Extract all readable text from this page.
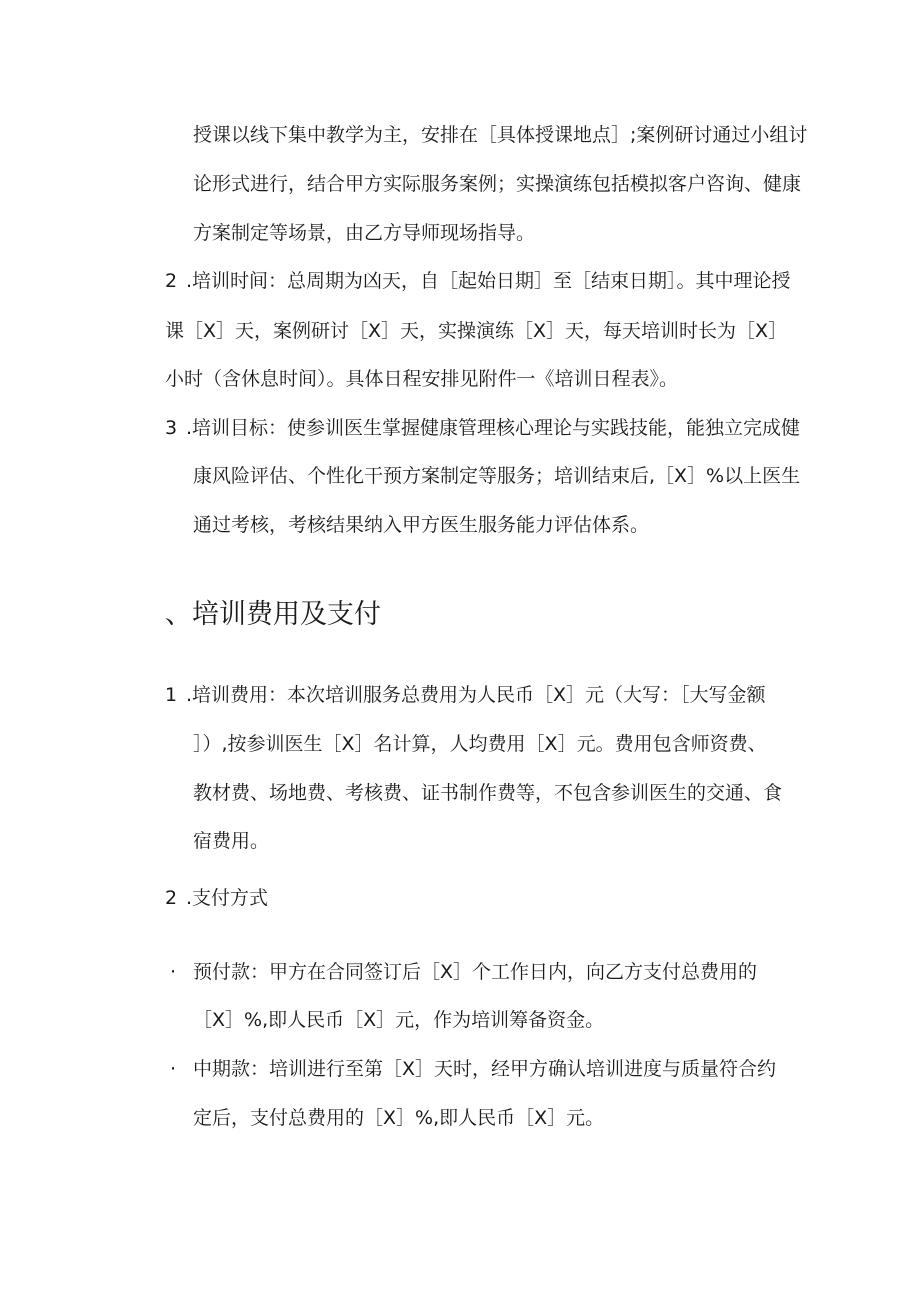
授课以线下集中教学为主，安排在［具体授课地点］;案例研讨通过小组讨
论形式进行，结合甲方实际服务案例；实操演练包括模拟客户咨询、健康
方案制定等场景，由乙方导师现场指导。
2 .培训时间：总周期为凶天，自［起始日期］至［结束日期］。其中理论授
课［X］天，案例研讨［X］天，实操演练［X］天，每天培训时长为［X］
小时（含休息时间）。具体日程安排见附件一《培训日程表》。
3 .培训目标：使参训医生掌握健康管理核心理论与实践技能，能独立完成健
康风险评估、个性化干预方案制定等服务；培训结束后,［X］%以上医生
通过考核，考核结果纳入甲方医生服务能力评估体系。
、培训费用及支付
1 .培训费用：本次培训服务总费用为人民币［X］元（大写：［大写金额
］）,按参训医生［X］名计算，人均费用［X］元。费用包含师资费、
教材费、场地费、考核费、证书制作费等，不包含参训医生的交通、食
宿费用。
2 .支付方式
· 预付款：甲方在合同签订后［X］个工作日内，向乙方支付总费用的
［X］%,即人民币［X］元，作为培训筹备资金。
· 中期款：培训进行至第［X］天时，经甲方确认培训进度与质量符合约
定后，支付总费用的［X］%,即人民币［X］元。
